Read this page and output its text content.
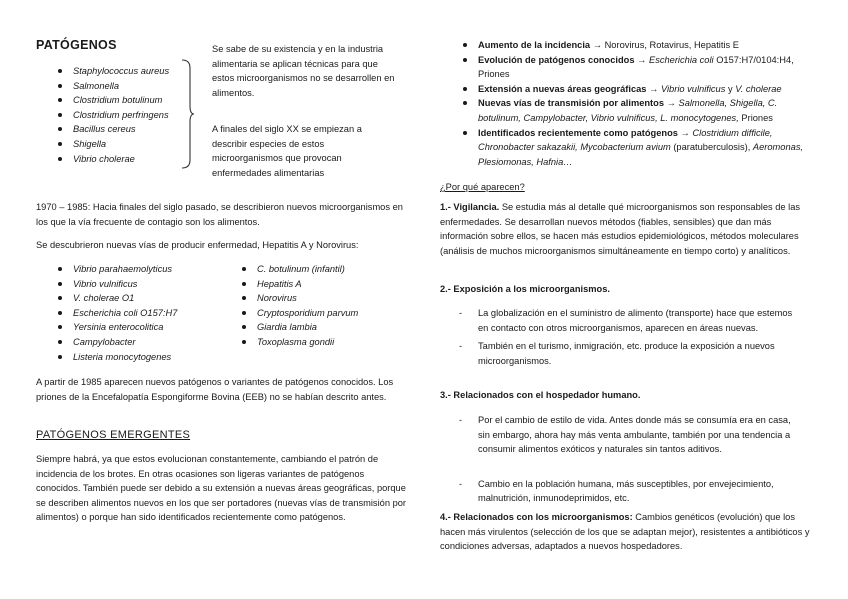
PATÓGENOS
Staphylococcus aureus
Salmonella
Clostridium botulinum
Clostridium perfringens
Bacillus cereus
Shigella
Vibrio cholerae

Se sabe de su existencia y en la industria alimentaria se aplican técnicas para que estos microorganismos no se desarrollen en alimentos.

A finales del siglo XX se empiezan a describir especies de estos microorganismos que provocan enfermedades alimentarias

1970 – 1985: Hacia finales del siglo pasado, se describieron nuevos microorganismos en los que la vía frecuente de contagio son los alimentos.

Se descubrieron nuevas vías de producir enfermedad, Hepatitis A y Norovirus:

Vibrio parahaemolyticus
Vibrio vulnificus
V. cholerae O1
Escherichia coli O157:H7
Yersinia enterocolitica
Campylobacter
Listeria monocytogenes
C. botulinum (infantil)
Hepatitis A
Norovirus
Cryptosporidium parvum
Giardia lambia
Toxoplasma gondii

A partir de 1985 aparecen nuevos patógenos o variantes de patógenos conocidos. Los priones de la Encefalopatía Espongiforme Bovina (EEB) no se habían descrito antes.

PATÓGENOS EMERGENTES

Siempre habrá, ya que estos evolucionan constantemente, cambiando el patrón de incidencia de los brotes. En otras ocasiones son ligeras variantes de patógenos conocidos. También puede ser debido a su extensión a nuevas áreas geográficas, porque se describen alimentos nuevos en los que ser portadores (nuevas vías de transmisión por alimentos) o porque han sido identificados recientemente como patógenos.

Aumento de la incidencia → Norovirus, Rotavirus, Hepatitis E
Evolución de patógenos conocidos → Escherichia coli O157:H7/0104:H4, Priones
Extensión a nuevas áreas geográficas → Vibrio vulnificus y V. cholerae
Nuevas vías de transmisión por alimentos → Salmonella, Shigella, C. botulinum, Campylobacter, Vibrio vulnificus, L. monocytogenes, Priones
Identificados recientemente como patógenos → Clostridium difficile, Chronobacter sakazakii, Mycobacterium avium (paratuberculosis), Aeromonas, Plesiomonas, Hafnia…

¿Por qué aparecen?

1.- Vigilancia. Se estudia más al detalle qué microorganismos son responsables de las enfermedades. Se desarrollan nuevos métodos (fiables, sensibles) que dan más información sobre ellos, se hacen más estudios epidemiológicos, métodos moleculares (análisis de muchos microorganismos simultáneamente en tiempo corto) y analíticos.

2.- Exposición a los microorganismos.

- La globalización en el suministro de alimento (transporte) hace que estemos en contacto con otros microorganismos, aparecen en áreas nuevas.
- También en el turismo, inmigración, etc. produce la exposición a nuevos microorganismos.

3.- Relacionados con el hospedador humano.

- Por el cambio de estilo de vida. Antes donde más se consumía era en casa, sin embargo, ahora hay más venta ambulante, también por una tendencia a consumir alimentos exóticos y naturales sin tantos aditivos.
- Cambio en la población humana, más susceptibles, por envejecimiento, malnutrición, inmunodeprimidos, etc.

4.- Relacionados con los microorganismos: Cambios genéticos (evolución) que los hacen más virulentos (selección de los que se adaptan mejor), resistentes a antibióticos y condiciones adversas, adaptados a nuevos hospedadores.
